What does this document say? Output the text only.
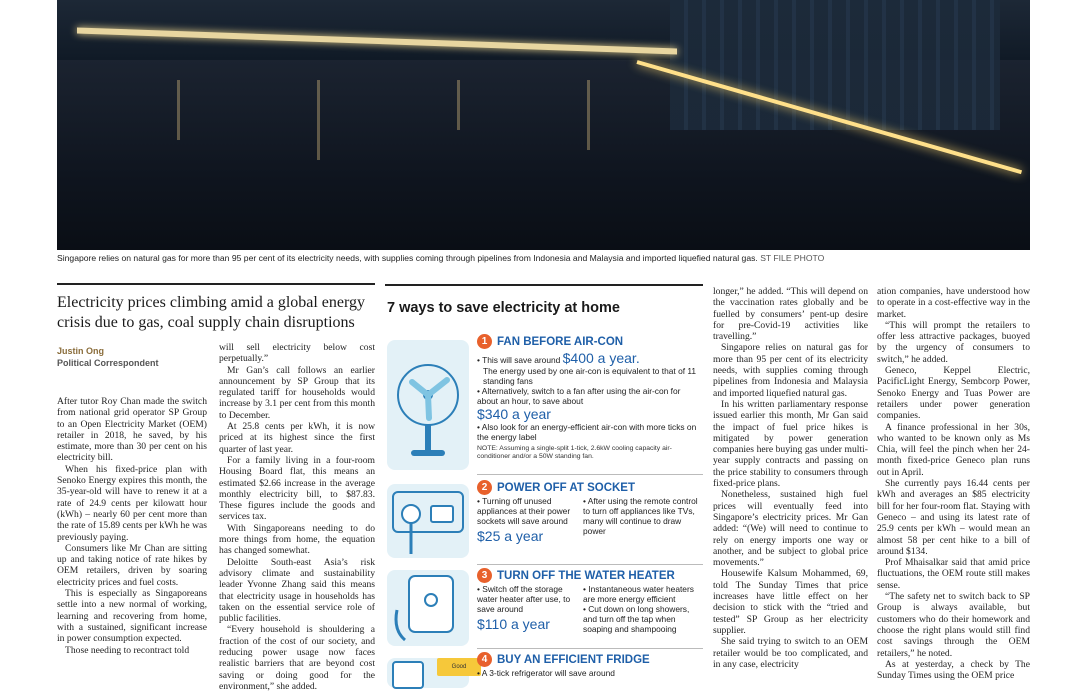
Singapore relies on natural gas for more than 95 per cent of its electricity needs, with supplies coming through pipelines from Indonesia and Malaysia and imported liquefied natural gas. ST FILE PHOTO
Electricity prices climbing amid a global energy crisis due to gas, coal supply chain disruptions
Justin Ong
Political Correspondent

After tutor Roy Chan made the switch from national grid operator SP Group to an Open Electricity Market (OEM) retailer in 2018, he saved, by his estimate, more than 30 per cent on his electricity bill.

When his fixed-price plan with Senoko Energy expires this month, the 35-year-old will have to renew it at a rate of 24.9 cents per kilowatt hour (kWh) – nearly 60 per cent more than the rate of 15.89 cents per kWh he was previously paying.

Consumers like Mr Chan are sitting up and taking notice of rate hikes by OEM retailers, driven by soaring electricity prices and fuel costs.

This is especially as Singaporeans settle into a new normal of working, learning and recovering from home, with a sustained, significant increase in power consumption expected.

Those needing to recontract told

will sell electricity below cost perpetually.”

Mr Gan’s call follows an earlier announcement by SP Group that its regulated tariff for households would increase by 3.1 per cent from this month to December.

At 25.8 cents per kWh, it is now priced at its highest since the first quarter of last year.

For a family living in a four-room Housing Board flat, this means an estimated $2.66 increase in the average monthly electricity bill, to $87.83. These figures include the goods and services tax.

With Singaporeans needing to do more things from home, the equation has changed somewhat.

Deloitte South-east Asia’s risk advisory climate and sustainability leader Yvonne Zhang said this means that electricity usage in households has taken on the essential service role of public facilities.

“Every household is shouldering a fraction of the cost of our society, and reducing power usage now faces realistic barriers that are beyond cost saving or doing good for the environment,” she added.

7 ways to save electricity at home
1 FAN BEFORE AIR-CON
• This will save around $400 a year.
The energy used by one air-con is equivalent to that of 11 standing fans
• Alternatively, switch to a fan after using the air-con for about an hour, to save about
$340 a year
• Also look for an energy-efficient air-con with more ticks on the energy label
NOTE: Assuming a single-split 1-tick, 2.6kW cooling capacity air-conditioner and/or a 50W standing fan.
2 POWER OFF AT SOCKET
• Turning off unused appliances at their power sockets will save around
$25 a year
• After using the remote control to turn off appliances like TVs, many will continue to draw power
3 TURN OFF THE WATER HEATER
• Switch off the storage water heater after use, to save around
$110 a year
• Instantaneous water heaters are more energy efficient
• Cut down on long showers, and turn off the tap when soaping and shampooing
Good
4 BUY AN EFFICIENT FRIDGE
• A 3-tick refrigerator will save around

longer,” he added. “This will depend on the vaccination rates globally and be fuelled by consumers’ pent-up desire for pre-Covid-19 activities like travelling.”

Singapore relies on natural gas for more than 95 per cent of its electricity needs, with supplies coming through pipelines from Indonesia and Malaysia and imported liquefied natural gas.

In his written parliamentary response issued earlier this month, Mr Gan said the impact of fuel price hikes is mitigated by power generation companies here buying gas under multi-year supply contracts and passing on the price stability to consumers through fixed-price plans.

Nonetheless, sustained high fuel prices will eventually feed into Singapore’s electricity prices. Mr Gan added: “(We) will need to continue to rely on energy imports one way or another, and be subject to global price movements.”

Housewife Kalsum Mohammed, 69, told The Sunday Times that price increases have little effect on her decision to stick with the “tried and tested” SP Group as her electricity supplier.

She said trying to switch to an OEM retailer would be too complicated, and in any case, electricity

ation companies, have understood how to operate in a cost-effective way in the market.

“This will prompt the retailers to offer less attractive packages, buoyed by the urgency of consumers to switch,” he added.

Geneco, Keppel Electric, PacificLight Energy, Sembcorp Power, Senoko Energy and Tuas Power are retailers under power generation companies.

A finance professional in her 30s, who wanted to be known only as Ms Chia, will feel the pinch when her 24-month fixed-price Geneco plan runs out in April.

She currently pays 16.44 cents per kWh and averages an $85 electricity bill for her four-room flat. Staying with Geneco – and using its latest rate of 25.9 cents per kWh – would mean an almost 58 per cent hike to a bill of around $134.

Prof Mhaisalkar said that amid price fluctuations, the OEM route still makes sense.

“The safety net to switch back to SP Group is always available, but customers who do their homework and choose the right plans would still find cost savings through the OEM retailers,” he noted.

As at yesterday, a check by The Sunday Times using the OEM price
